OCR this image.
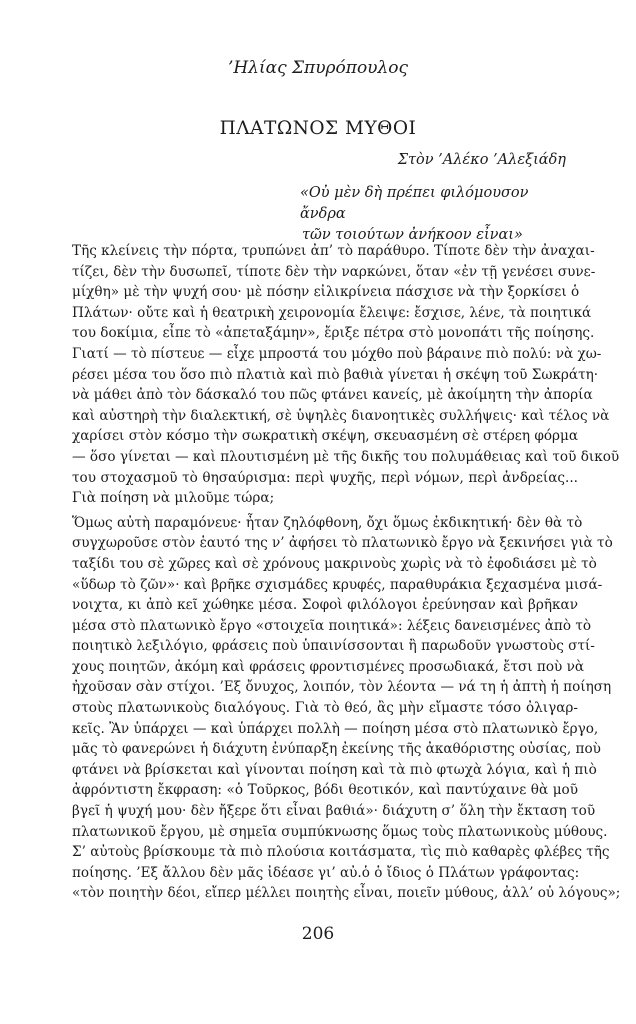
’Ηλίας Σπυρόπουλος
ΠΛΑΤΩΝΟΣ ΜΥΘΟΙ
Στὸν ’Αλέκο ’Αλεξιάδη
«Οὐ μὲν δὴ πρέπει φιλόμουσον ἄνδρα
τῶν τοιούτων ἀνήκοον εἶναι»
Τῆς κλείνεις τὴν πόρτα, τρυπώνει ἀπ’ τὸ παράθυρο. Τίποτε δὲν τὴν ἀναχαι-
τίζει, δὲν τὴν δυσωπεῖ, τίποτε δὲν τὴν ναρκώνει, ὅταν «ἐν τῇ γενέσει συνε-
μίχθη» μὲ τὴν ψυχή σου· μὲ πόσην εἰλικρίνεια πάσχισε νὰ τὴν ξορκίσει ὁ
Πλάτων· οὔτε καὶ ἡ θεατρικὴ χειρονομία ἔλειψε: ἔσχισε, λένε, τὰ ποιητικά
του δοκίμια, εἶπε τὸ «ἀπεταξάμην», ἔριξε πέτρα στὸ μονοπάτι τῆς ποίησης.
Γιατί — τὸ πίστευε — εἶχε μπροστά του μόχθο ποὺ βάραινε πιὸ πολύ: νὰ χω-
ρέσει μέσα του ὅσο πιὸ πλατιὰ καὶ πιὸ βαθιὰ γίνεται ἡ σκέψη τοῦ Σωκράτη·
νὰ μάθει ἀπὸ τὸν δάσκαλό του πῶς φτάνει κανείς, μὲ ἀκοίμητη τὴν ἀπορία
καὶ αὐστηρὴ τὴν διαλεκτική, σὲ ὑψηλὲς διανοητικὲς συλλήψεις· καὶ τέλος νὰ
χαρίσει στὸν κόσμο τὴν σωκρατικὴ σκέψη, σκευασμένη σὲ στέρεη φόρμα
— ὅσο γίνεται — καὶ πλουτισμένη μὲ τῆς δικῆς του πολυμάθειας καὶ τοῦ δικοῦ
του στοχασμοῦ τὸ θησαύρισμα: περὶ ψυχῆς, περὶ νόμων, περὶ ἀνδρείας...
Γιὰ ποίηση νὰ μιλοῦμε τώρα;
Ὅμως αὐτὴ παραμόνευε· ἦταν ζηλόφθονη, ὄχι ὅμως ἐκδικητική· δὲν θὰ τὸ
συγχωροῦσε στὸν ἑαυτό της ν’ ἀφήσει τὸ πλατωνικὸ ἔργο νὰ ξεκινήσει γιὰ τὸ
ταξίδι του σὲ χῶρες καὶ σὲ χρόνους μακρινοὺς χωρὶς νὰ τὸ ἐφοδιάσει μὲ τὸ
«ὕδωρ τὸ ζῶν»· καὶ βρῆκε σχισμάδες κρυφές, παραθυράκια ξεχασμένα μισά-
νοιχτα, κι ἀπὸ κεῖ χώθηκε μέσα. Σοφοὶ φιλόλογοι ἐρεύνησαν καὶ βρῆκαν
μέσα στὸ πλατωνικὸ ἔργο «στοιχεῖα ποιητικά»: λέξεις δανεισμένες ἀπὸ τὸ
ποιητικὸ λεξιλόγιο, φράσεις ποὺ ὑπαινίσσονται ἢ παρωδοῦν γνωστοὺς στί-
χους ποιητῶν, ἀκόμη καὶ φράσεις φροντισμένες προσωδιακά, ἔτσι ποὺ νὰ
ἠχοῦσαν σὰν στίχοι. ’Εξ ὄνυχος, λοιπόν, τὸν λέοντα — νά τη ἡ ἀπτὴ ἡ ποίηση
στοὺς πλατωνικοὺς διαλόγους. Γιὰ τὸ θεό, ἂς μὴν εἴμαστε τόσο ὀλιγαρ-
κεῖς. Ἂν ὑπάρχει — καὶ ὑπάρχει πολλὴ — ποίηση μέσα στὸ πλατωνικὸ ἔργο,
μᾶς τὸ φανερώνει ἡ διάχυτη ἐνύπαρξη ἐκείνης τῆς ἀκαθόριστης οὐσίας, ποὺ
φτάνει νὰ βρίσκεται καὶ γίνονται ποίηση καὶ τὰ πιὸ φτωχὰ λόγια, καὶ ἡ πιὸ
ἀφρόντιστη ἔκφραση: «ὁ Τοῦρκος, βόδι θεοτικόν, καὶ παντύχαινε θὰ μοῦ
βγεῖ ἡ ψυχή μου· δὲν ἤξερε ὅτι εἶναι βαθιά»· διάχυτη σ’ ὅλη τὴν ἔκταση τοῦ
πλατωνικοῦ ἔργου, μὲ σημεῖα συμπύκνωσης ὅμως τοὺς πλατωνικοὺς μύθους.
Σ’ αὐτοὺς βρίσκουμε τὰ πιὸ πλούσια κοιτάσματα, τὶς πιὸ καθαρὲς φλέβες τῆς
ποίησης. ’Εξ ἄλλου δὲν μᾶς ἰδέασε γι’ αὐ.ὁ ὁ ἴδιος ὁ Πλάτων γράφοντας:
«τὸν ποιητὴν δέοι, εἴπερ μέλλει ποιητὴς εἶναι, ποιεῖν μύθους, ἀλλ’ οὐ λόγους»;
206
